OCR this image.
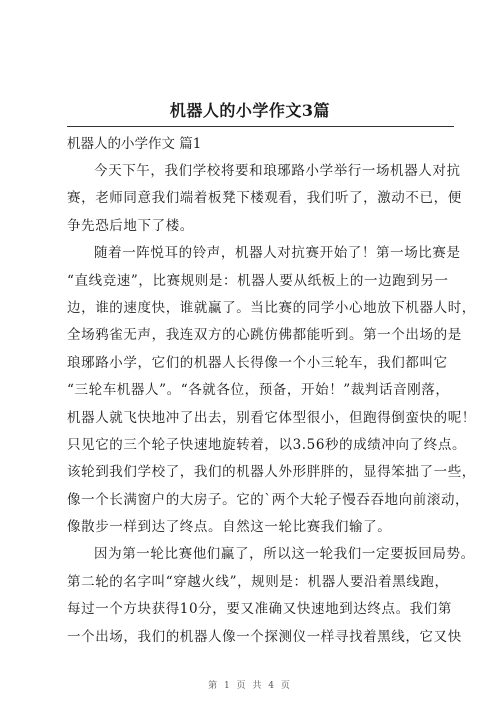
机器人的小学作文3篇
机器人的小学作文 篇1
今天下午，我们学校将要和琅琊路小学举行一场机器人对抗
赛，老师同意我们端着板凳下楼观看，我们听了，激动不已，便
争先恐后地下了楼。
随着一阵悦耳的铃声，机器人对抗赛开始了！第一场比赛是
“直线竞速”，比赛规则是：机器人要从纸板上的一边跑到另一
边，谁的速度快，谁就赢了。当比赛的同学小心地放下机器人时，
全场鸦雀无声，我连双方的心跳仿佛都能听到。第一个出场的是
琅琊路小学，它们的机器人长得像一个小三轮车，我们都叫它
“三轮车机器人”。“各就各位，预备，开始！”裁判话音刚落，
机器人就飞快地冲了出去，别看它体型很小，但跑得倒蛮快的呢！
只见它的三个轮子快速地旋转着，以3.56秒的成绩冲向了终点。
该轮到我们学校了，我们的机器人外形胖胖的，显得笨拙了一些，
像一个长满窗户的大房子。它的`两个大轮子慢吞吞地向前滚动，
像散步一样到达了终点。自然这一轮比赛我们输了。
因为第一轮比赛他们赢了，所以这一轮我们一定要扳回局势。
第二轮的名字叫“穿越火线”，规则是：机器人要沿着黑线跑，
每过一个方块获得10分，要又准确又快速地到达终点。我们第
一个出场，我们的机器人像一个探测仪一样寻找着黑线，它又快
第 1 页 共 4 页
